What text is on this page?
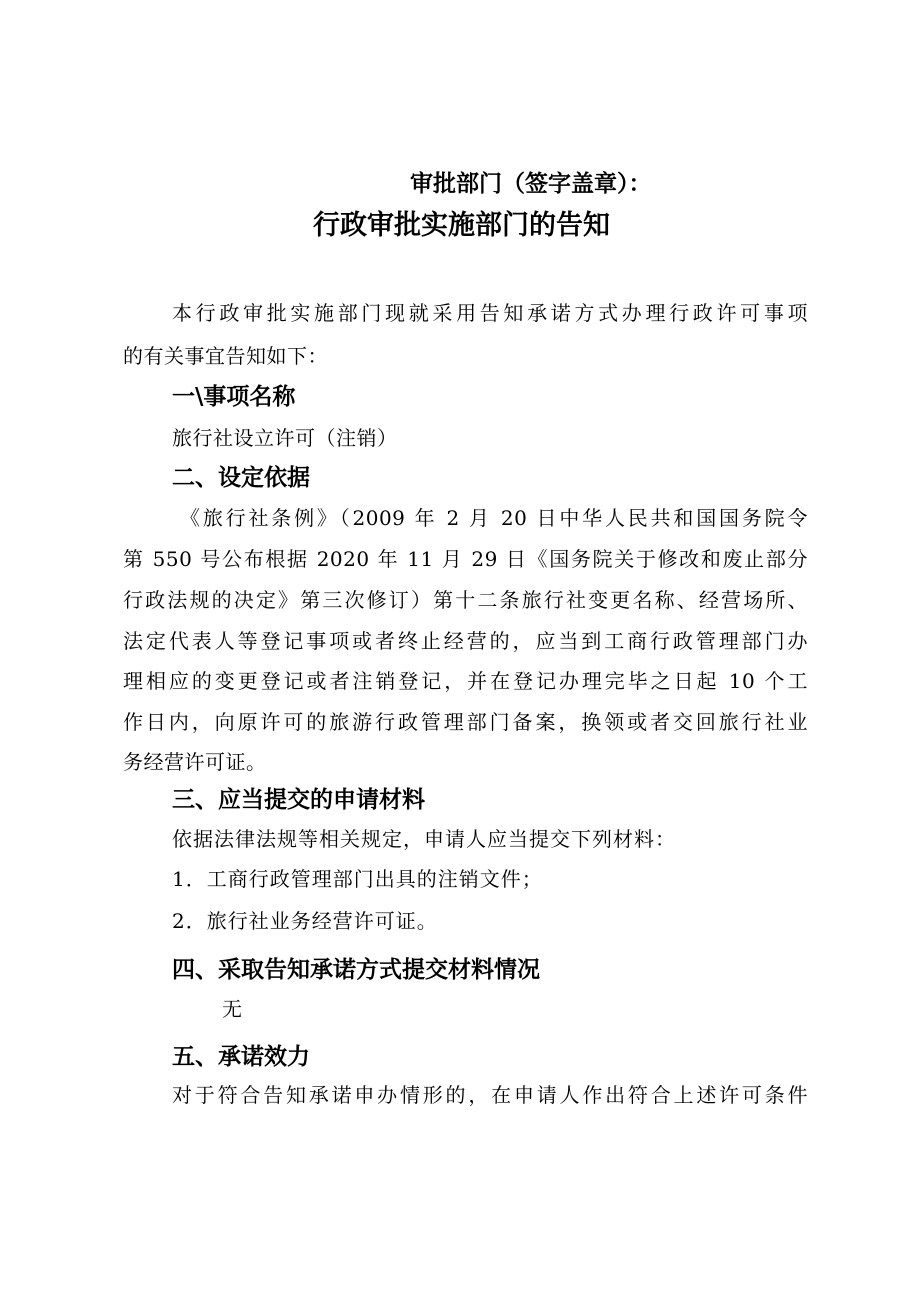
审批部门（签字盖章）：
行政审批实施部门的告知
本行政审批实施部门现就采用告知承诺方式办理行政许可事项
的有关事宜告知如下：
一\事项名称
旅行社设立许可（注销）
二、设定依据
《旅行社条例》（2009 年 2 月 20 日中华人民共和国国务院令
第 550 号公布根据 2020 年 11 月 29 日《国务院关于修改和废止部分
行政法规的决定》第三次修订）第十二条旅行社变更名称、经营场所、
法定代表人等登记事项或者终止经营的，应当到工商行政管理部门办
理相应的变更登记或者注销登记，并在登记办理完毕之日起 10 个工
作日内，向原许可的旅游行政管理部门备案，换领或者交回旅行社业
务经营许可证。
三、应当提交的申请材料
依据法律法规等相关规定，申请人应当提交下列材料：
1．工商行政管理部门出具的注销文件；
2．旅行社业务经营许可证。
四、采取告知承诺方式提交材料情况
无
五、承诺效力
对于符合告知承诺申办情形的，在申请人作出符合上述许可条件
